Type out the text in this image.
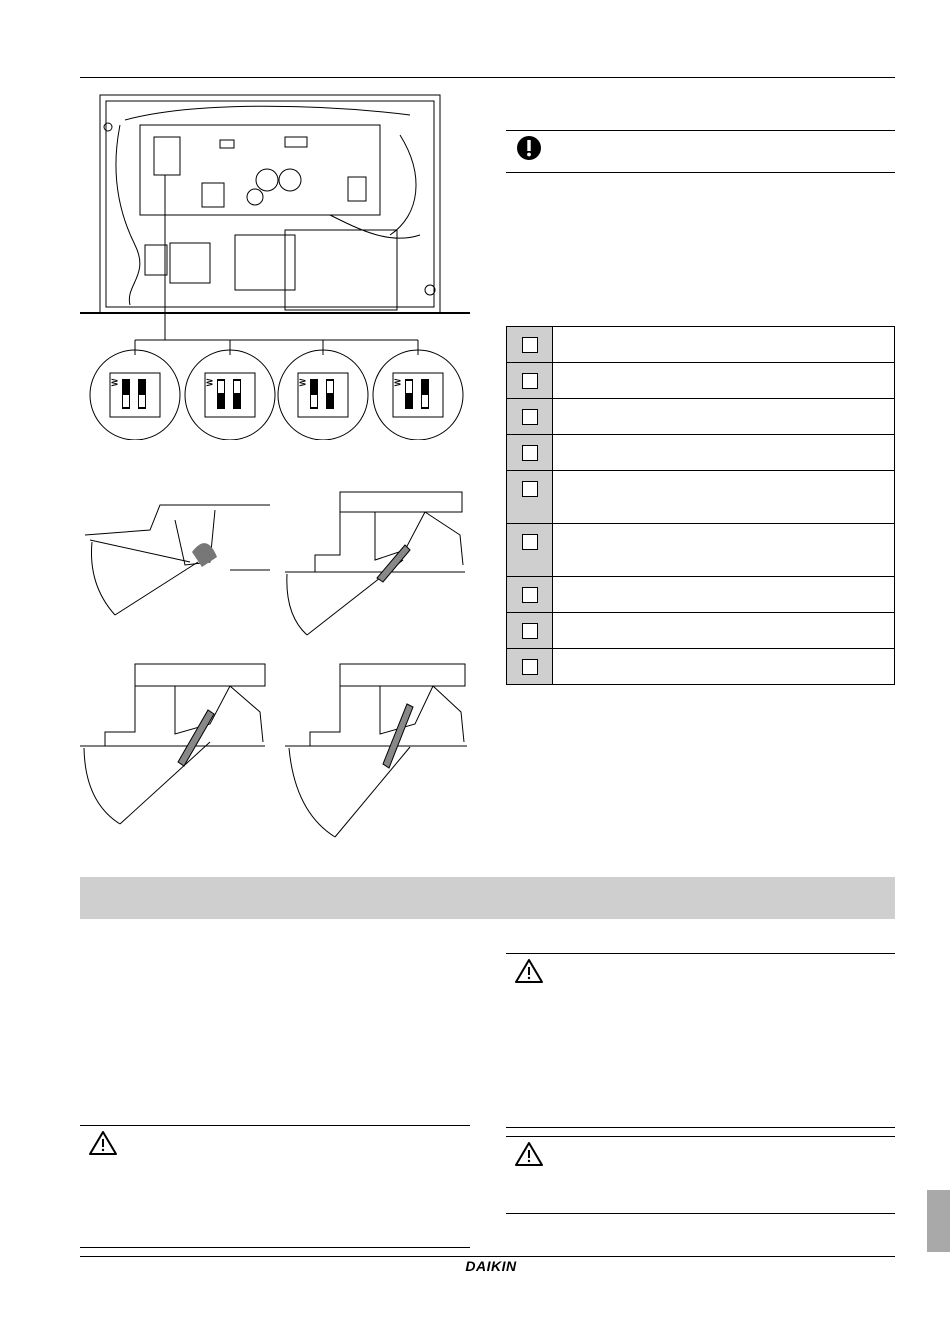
W	W	W	W

DAIKIN
